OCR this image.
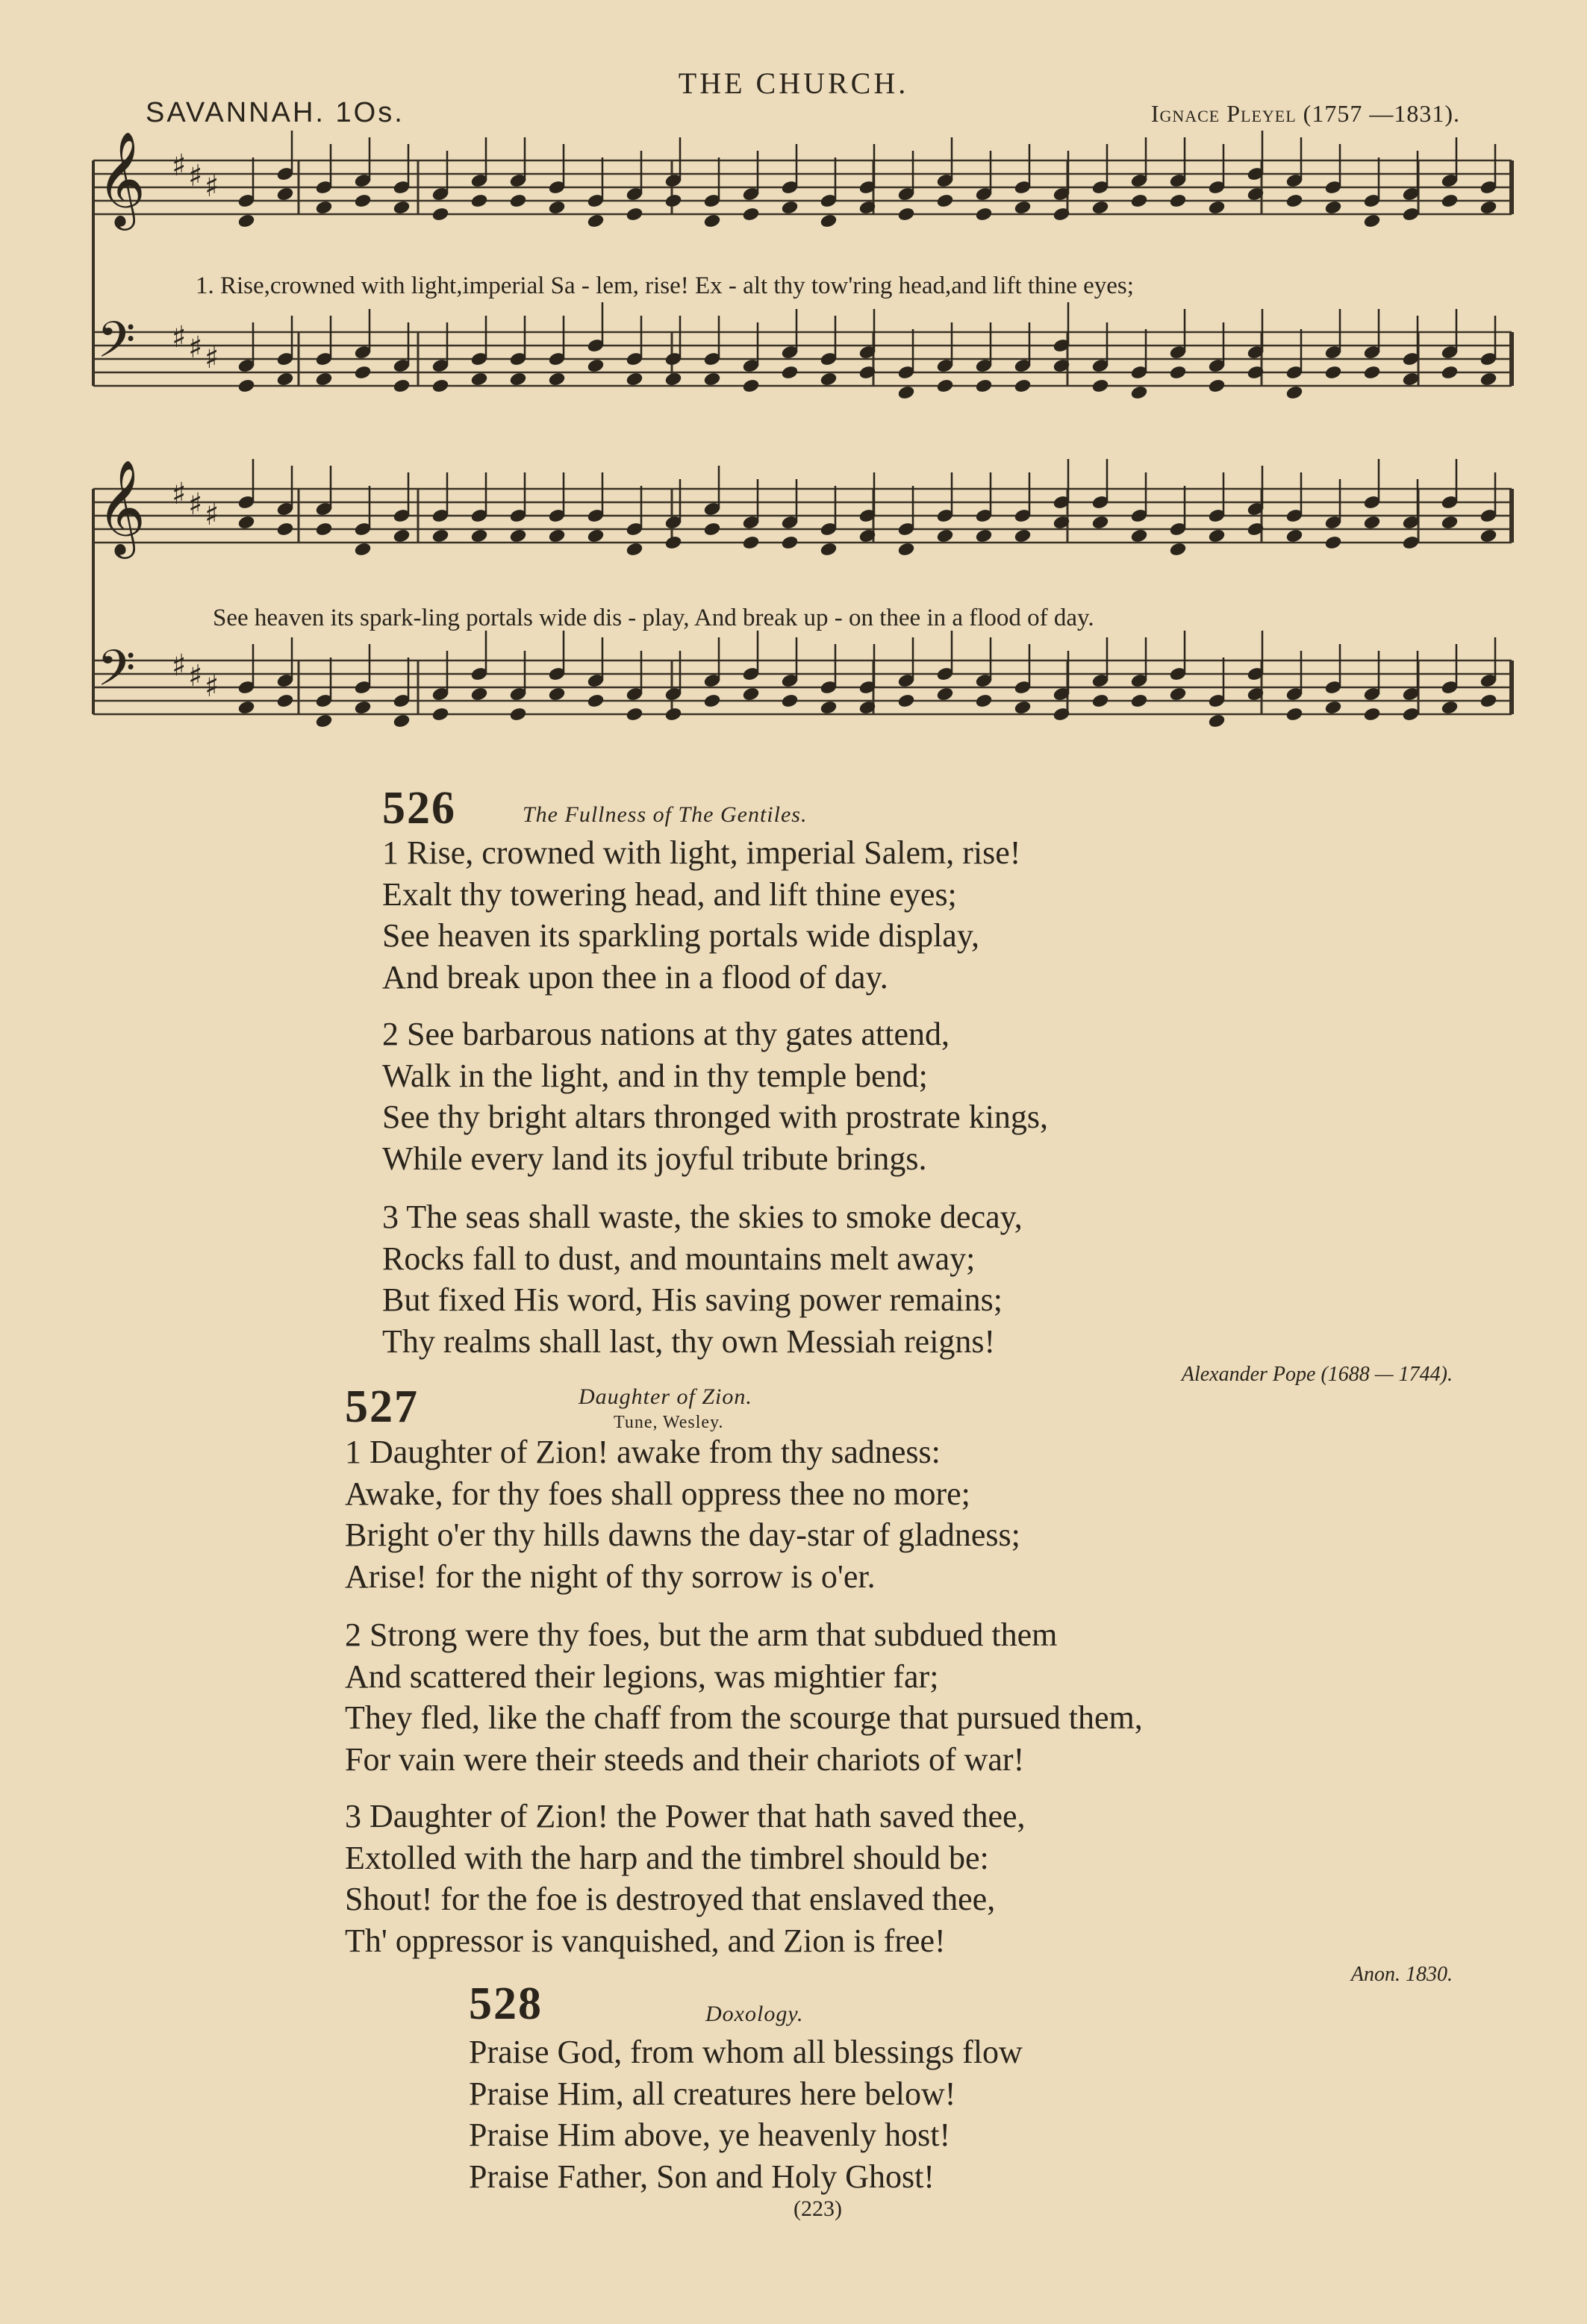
THE CHURCH.
SAVANNAH. 1Os.	Ignace Pleyel (1757 —1831).
𝄞 ♯ ♯ ♯
𝄢 ♯ ♯ ♯
𝄞 ♯ ♯ ♯
𝄢 ♯ ♯ ♯
1. Rise,crowned with light,imperial Sa - lem, rise! Ex - alt thy tow'ring head,and lift thine eyes;
See heaven its spark-ling portals wide dis - play, And break up - on thee in a flood of day.
526	The Fullness of The Gentiles.
1 Rise, crowned with light, imperial Salem, rise!
Exalt thy towering head, and lift thine eyes;
See heaven its sparkling portals wide display,
And break upon thee in a flood of day.
2 See barbarous nations at thy gates attend,
Walk in the light, and in thy temple bend;
See thy bright altars thronged with prostrate kings,
While every land its joyful tribute brings.
3 The seas shall waste, the skies to smoke decay,
Rocks fall to dust, and mountains melt away;
But fixed His word, His saving power remains;
Thy realms shall last, thy own Messiah reigns!
Alexander Pope (1688 — 1744).
527	Daughter of Zion.
Tune, Wesley.
1 Daughter of Zion! awake from thy sadness:
Awake, for thy foes shall oppress thee no more;
Bright o'er thy hills dawns the day-star of gladness;
Arise! for the night of thy sorrow is o'er.
2 Strong were thy foes, but the arm that subdued them
And scattered their legions, was mightier far;
They fled, like the chaff from the scourge that pursued them,
For vain were their steeds and their chariots of war!
3 Daughter of Zion! the Power that hath saved thee,
Extolled with the harp and the timbrel should be:
Shout! for the foe is destroyed that enslaved thee,
Th' oppressor is vanquished, and Zion is free!
Anon. 1830.
528	Doxology.
Praise God, from whom all blessings flow
Praise Him, all creatures here below!
Praise Him above, ye heavenly host!
Praise Father, Son and Holy Ghost!
(223)
